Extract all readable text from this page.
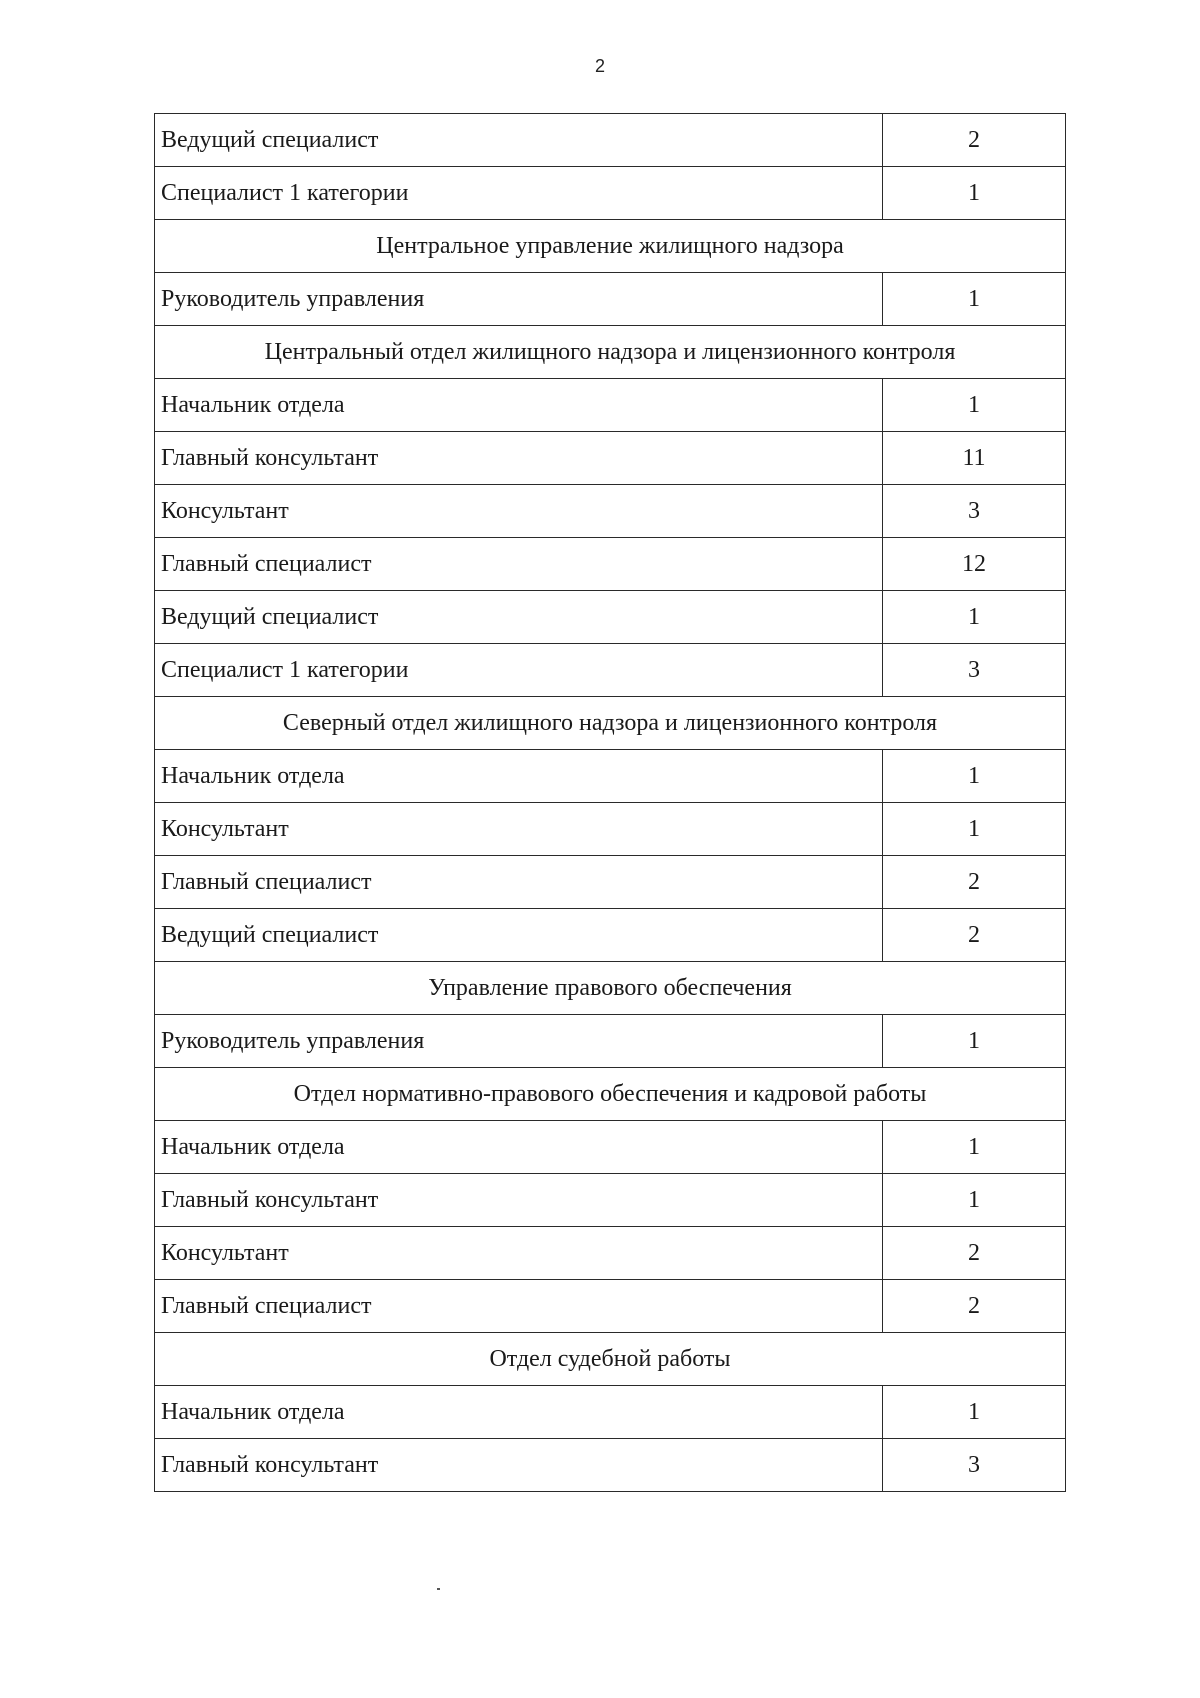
2
Ведущий специалист	2
Специалист 1 категории	1
Центральное управление жилищного надзора	
Руководитель управления	1
Центральный отдел жилищного надзора и лицензионного контроля	
Начальник отдела	1
Главный консультант	11
Консультант	3
Главный специалист	12
Ведущий специалист	1
Специалист 1 категории	3
Северный отдел жилищного надзора и лицензионного контроля	
Начальник отдела	1
Консультант	1
Главный специалист	2
Ведущий специалист	2
Управление правового обеспечения	
Руководитель управления	1
Отдел нормативно-правового обеспечения и кадровой работы	
Начальник отдела	1
Главный консультант	1
Консультант	2
Главный специалист	2
Отдел судебной работы	
Начальник отдела	1
Главный консультант	3
